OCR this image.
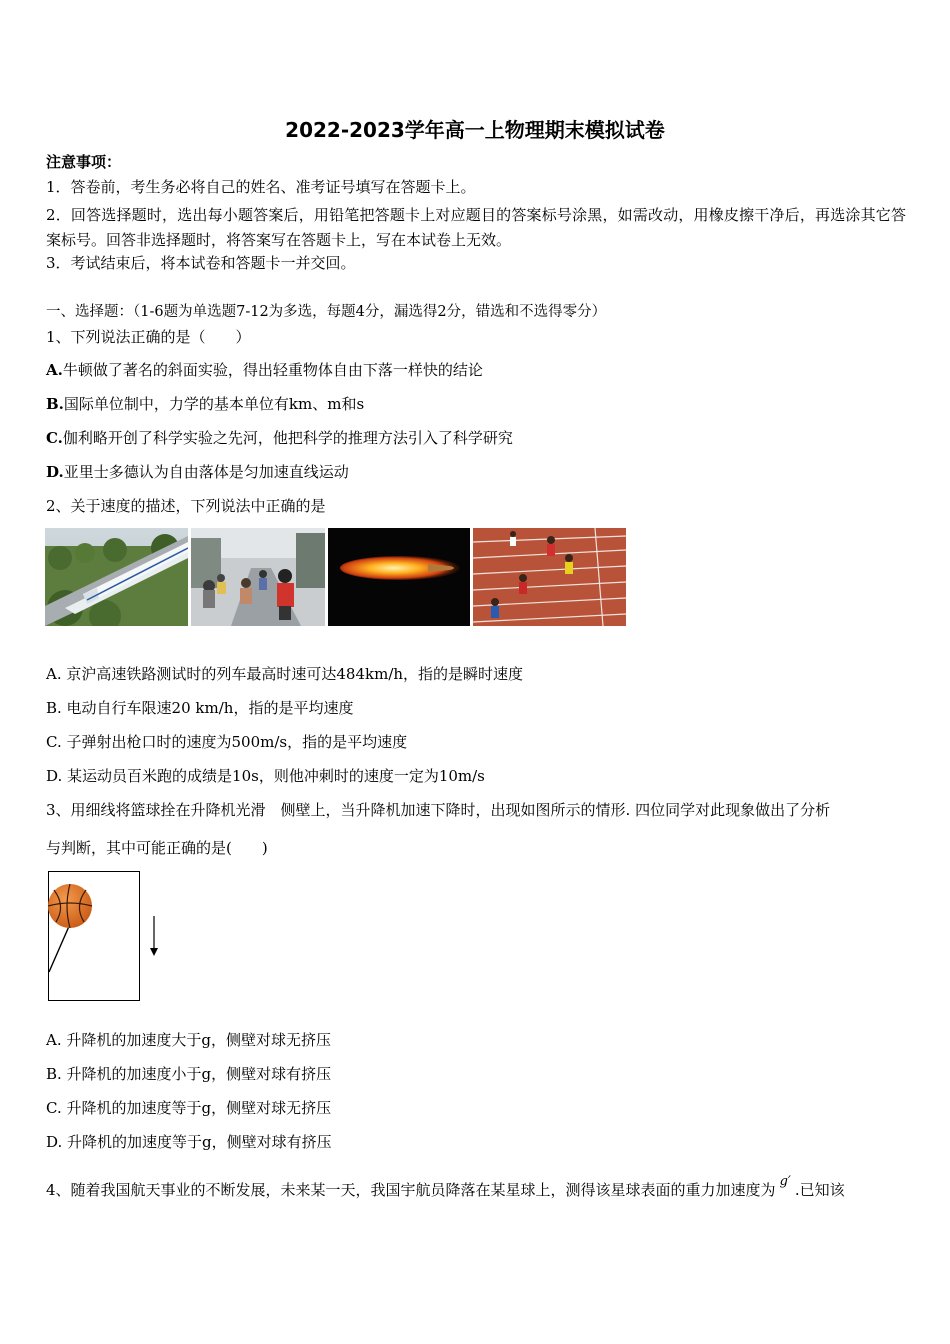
2022-2023学年高一上物理期末模拟试卷
注意事项：
1．答卷前，考生务必将自己的姓名、准考证号填写在答题卡上。
2．回答选择题时，选出每小题答案后，用铅笔把答题卡上对应题目的答案标号涂黑，如需改动，用橡皮擦干净后，再选涂其它答案标号。回答非选择题时，将答案写在答题卡上，写在本试卷上无效。
3．考试结束后，将本试卷和答题卡一并交回。
一、选择题：（1-6题为单选题7-12为多选，每题4分，漏选得2分，错选和不选得零分）
1、下列说法正确的是（　　）
A.牛顿做了著名的斜面实验，得出轻重物体自由下落一样快的结论
B.国际单位制中，力学的基本单位有km、m和s
C.伽利略开创了科学实验之先河，他把科学的推理方法引入了科学研究
D.亚里士多德认为自由落体是匀加速直线运动
2、关于速度的描述，下列说法中正确的是
A. 京沪高速铁路测试时的列车最高时速可达484km/h，指的是瞬时速度
B. 电动自行车限速20 km/h，指的是平均速度
C. 子弹射出枪口时的速度为500m/s，指的是平均速度
D. 某运动员百米跑的成绩是10s，则他冲刺时的速度一定为10m/s
3、用细线将篮球拴在升降机光滑　侧壁上，当升降机加速下降时，出现如图所示的情形. 四位同学对此现象做出了分析
与判断，其中可能正确的是(　　)
A. 升降机的加速度大于g，侧壁对球无挤压
B. 升降机的加速度小于g，侧壁对球有挤压
C. 升降机的加速度等于g，侧壁对球无挤压
D. 升降机的加速度等于g，侧壁对球有挤压
4、随着我国航天事业的不断发展，未来某一天，我国宇航员降落在某星球上，测得该星球表面的重力加速度为 g′ .已知该
